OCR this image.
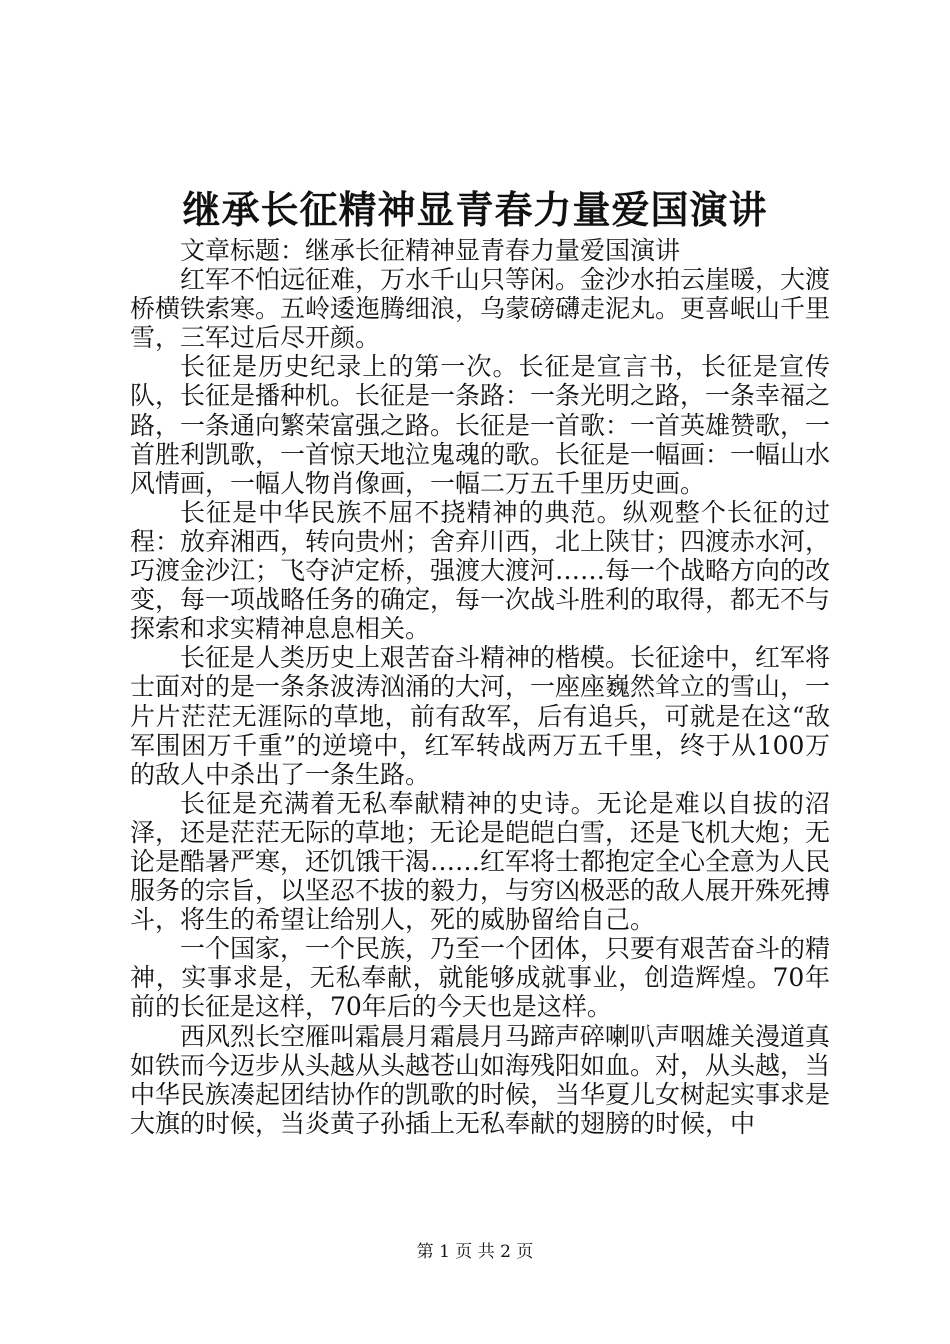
继承长征精神显青春力量爱国演讲

文章标题：继承长征精神显青春力量爱国演讲

红军不怕远征难，万水千山只等闲。金沙水拍云崖暖，大渡桥横铁索寒。五岭逶迤腾细浪，乌蒙磅礴走泥丸。更喜岷山千里雪，三军过后尽开颜。

长征是历史纪录上的第一次。长征是宣言书，长征是宣传队，长征是播种机。长征是一条路：一条光明之路，一条幸福之路，一条通向繁荣富强之路。长征是一首歌：一首英雄赞歌，一首胜利凯歌，一首惊天地泣鬼魂的歌。长征是一幅画：一幅山水风情画，一幅人物肖像画，一幅二万五千里历史画。

长征是中华民族不屈不挠精神的典范。纵观整个长征的过程：放弃湘西，转向贵州；舍弃川西，北上陕甘；四渡赤水河，巧渡金沙江；飞夺泸定桥，强渡大渡河……每一个战略方向的改变，每一项战略任务的确定，每一次战斗胜利的取得，都无不与探索和求实精神息息相关。

长征是人类历史上艰苦奋斗精神的楷模。长征途中，红军将士面对的是一条条波涛汹涌的大河，一座座巍然耸立的雪山，一片片茫茫无涯际的草地，前有敌军，后有追兵，可就是在这“敌军围困万千重”的逆境中，红军转战两万五千里，终于从100万的敌人中杀出了一条生路。

长征是充满着无私奉献精神的史诗。无论是难以自拔的沼泽，还是茫茫无际的草地；无论是皑皑白雪，还是飞机大炮；无论是酷暑严寒，还饥饿干渴……红军将士都抱定全心全意为人民服务的宗旨，以坚忍不拔的毅力，与穷凶极恶的敌人展开殊死搏斗，将生的希望让给别人，死的威胁留给自己。

一个国家，一个民族，乃至一个团体，只要有艰苦奋斗的精神，实事求是，无私奉献，就能够成就事业，创造辉煌。70年前的长征是这样，70年后的今天也是这样。

西风烈长空雁叫霜晨月霜晨月马蹄声碎喇叭声咽雄关漫道真如铁而今迈步从头越从头越苍山如海残阳如血。对，从头越，当中华民族凑起团结协作的凯歌的时候，当华夏儿女树起实事求是大旗的时候，当炎黄子孙插上无私奉献的翅膀的时候，中

第 1 页 共 2 页
